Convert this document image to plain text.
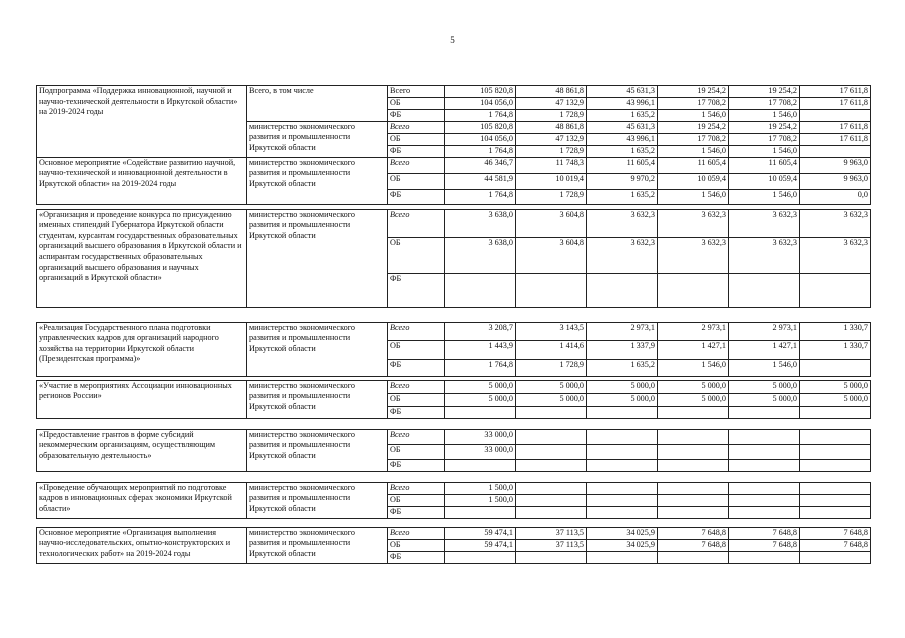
5
Подпрограмма «Поддержка инновационной, научной и научно-технической деятельности в Иркутской области» на 2019-2024 годы	Всего, в том числе	Всего	105 820,8	48 861,8	45 631,3	19 254,2	19 254,2	17 611,8
		ОБ	104 056,0	47 132,9	43 996,1	17 708,2	17 708,2	17 611,8
		ФБ	1 764,8	1 728,9	1 635,2	1 546,0	1 546,0	
	министерство экономического развития и промышленности Иркутской области	Всего	105 820,8	48 861,8	45 631,3	19 254,2	19 254,2	17 611,8
		ОБ	104 056,0	47 132,9	43 996,1	17 708,2	17 708,2	17 611,8
		ФБ	1 764,8	1 728,9	1 635,2	1 546,0	1 546,0	
Основное мероприятие «Содействие развитию научной, научно-технической и инновационной деятельности в Иркутской области» на 2019-2024 годы	министерство экономического развития и промышленности Иркутской области	Всего	46 346,7	11 748,3	11 605,4	11 605,4	11 605,4	9 963,0
		ОБ	44 581,9	10 019,4	9 970,2	10 059,4	10 059,4	9 963,0
		ФБ	1 764,8	1 728,9	1 635,2	1 546,0	1 546,0	0,0

«Организация и проведение конкурса по присуждению именных стипендий Губернатора Иркутской области студентам, курсантам государственных образовательных организаций высшего образования в Иркутской области и аспирантам государственных образовательных организаций высшего образования и научных организаций в Иркутской области»	министерство экономического развития и промышленности Иркутской области	Всего	3 638,0	3 604,8	3 632,3	3 632,3	3 632,3	3 632,3
		ОБ	3 638,0	3 604,8	3 632,3	3 632,3	3 632,3	3 632,3
		ФБ						

«Реализация Государственного плана подготовки управленческих кадров для организаций народного хозяйства на территории Иркутской области (Президентская программа)»	министерство экономического развития и промышленности Иркутской области	Всего	3 208,7	3 143,5	2 973,1	2 973,1	2 973,1	1 330,7
		ОБ	1 443,9	1 414,6	1 337,9	1 427,1	1 427,1	1 330,7
		ФБ	1 764,8	1 728,9	1 635,2	1 546,0	1 546,0	

«Участие в мероприятиях Ассоциации инновационных регионов России»	министерство экономического развития и промышленности Иркутской области	Всего	5 000,0	5 000,0	5 000,0	5 000,0	5 000,0	5 000,0
		ОБ	5 000,0	5 000,0	5 000,0	5 000,0	5 000,0	5 000,0
		ФБ						

«Предоставление грантов в форме субсидий некоммерческим организациям, осуществляющим образовательную деятельность»	министерство экономического развития и промышленности Иркутской области	Всего	33 000,0					
		ОБ	33 000,0					
		ФБ						

«Проведение обучающих мероприятий по подготовке кадров в инновационных сферах экономики Иркутской области»	министерство экономического развития и промышленности Иркутской области	Всего	1 500,0					
		ОБ	1 500,0					
		ФБ						

Основное мероприятие «Организация выполнения научно-исследовательских, опытно-конструкторских и технологических работ» на 2019-2024 годы	министерство экономического развития и промышленности Иркутской области	Всего	59 474,1	37 113,5	34 025,9	7 648,8	7 648,8	7 648,8
		ОБ	59 474,1	37 113,5	34 025,9	7 648,8	7 648,8	7 648,8
		ФБ						
